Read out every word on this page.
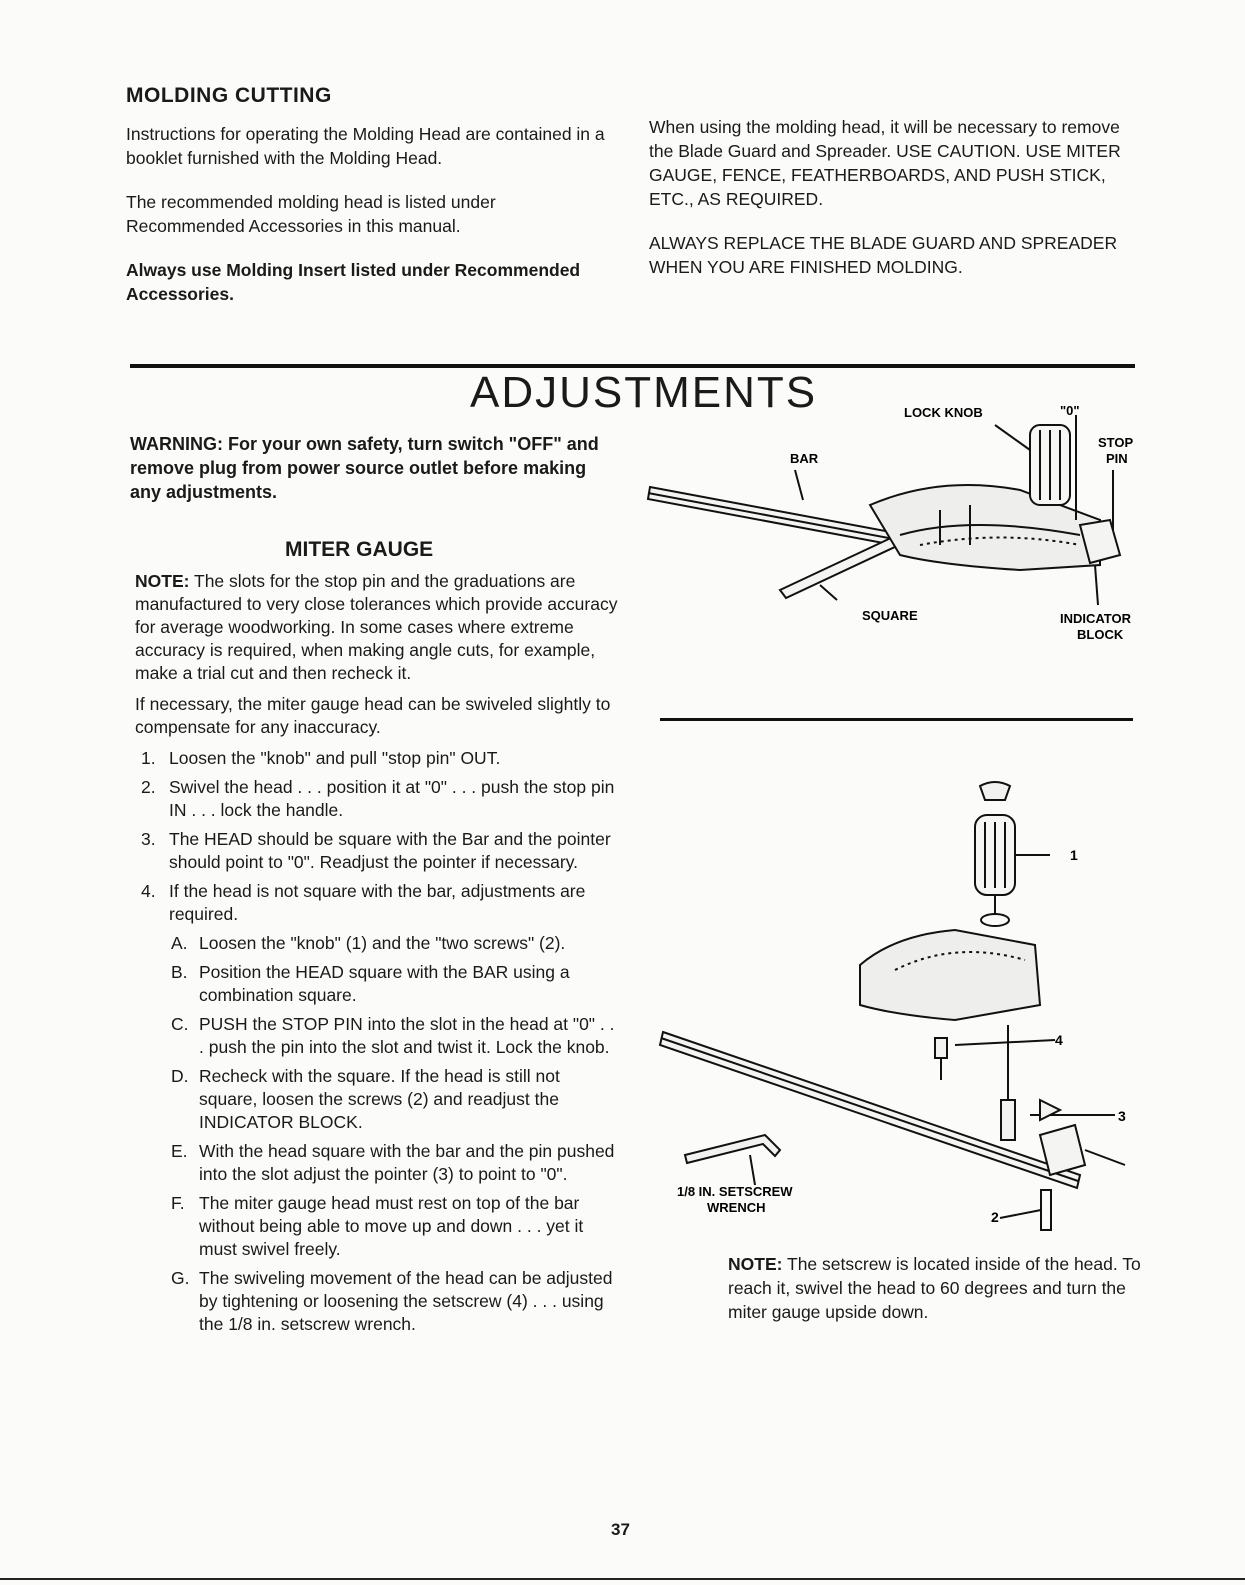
MOLDING CUTTING

Instructions for operating the Molding Head are contained in a booklet furnished with the Molding Head.

The recommended molding head is listed under Recommended Accessories in this manual.

Always use Molding Insert listed under Recommended Accessories.

When using the molding head, it will be necessary to remove the Blade Guard and Spreader. USE CAUTION. USE MITER GAUGE, FENCE, FEATHERBOARDS, AND PUSH STICK, ETC., AS REQUIRED.

ALWAYS REPLACE THE BLADE GUARD AND SPREADER WHEN YOU ARE FINISHED MOLDING.

ADJUSTMENTS
WARNING: For your own safety, turn switch "OFF" and remove plug from power source outlet before making any adjustments.
MITER GAUGE

NOTE: The slots for the stop pin and the graduations are manufactured to very close tolerances which provide accuracy for average woodworking. In some cases where extreme accuracy is required, when making angle cuts, for example, make a trial cut and then recheck it.

If necessary, the miter gauge head can be swiveled slightly to compensate for any inaccuracy.

1. Loosen the "knob" and pull "stop pin" OUT.
2. Swivel the head . . . position it at "0" . . . push the stop pin IN . . . lock the handle.
3. The HEAD should be square with the Bar and the pointer should point to "0". Readjust the pointer if necessary.
4. If the head is not square with the bar, adjustments are required.
A. Loosen the "knob" (1) and the "two screws" (2).
B. Position the HEAD square with the BAR using a combination square.
C. PUSH the STOP PIN into the slot in the head at "0" . . . push the pin into the slot and twist it. Lock the knob.
D. Recheck with the square. If the head is still not square, loosen the screws (2) and readjust the INDICATOR BLOCK.
E. With the head square with the bar and the pin pushed into the slot adjust the pointer (3) to point to "0".
F. The miter gauge head must rest on top of the bar without being able to move up and down . . . yet it must swivel freely.
G. The swiveling movement of the head can be adjusted by tightening or loosening the setscrew (4) . . . using the 1/8 in. setscrew wrench.
LOCK KNOB	"0"
STOP
PIN
BAR
SQUARE	INDICATOR
BLOCK
1
4
3
2
1/8 IN. SETSCREW
WRENCH
NOTE: The setscrew is located inside of the head. To reach it, swivel the head to 60 degrees and turn the miter gauge upside down.
37
